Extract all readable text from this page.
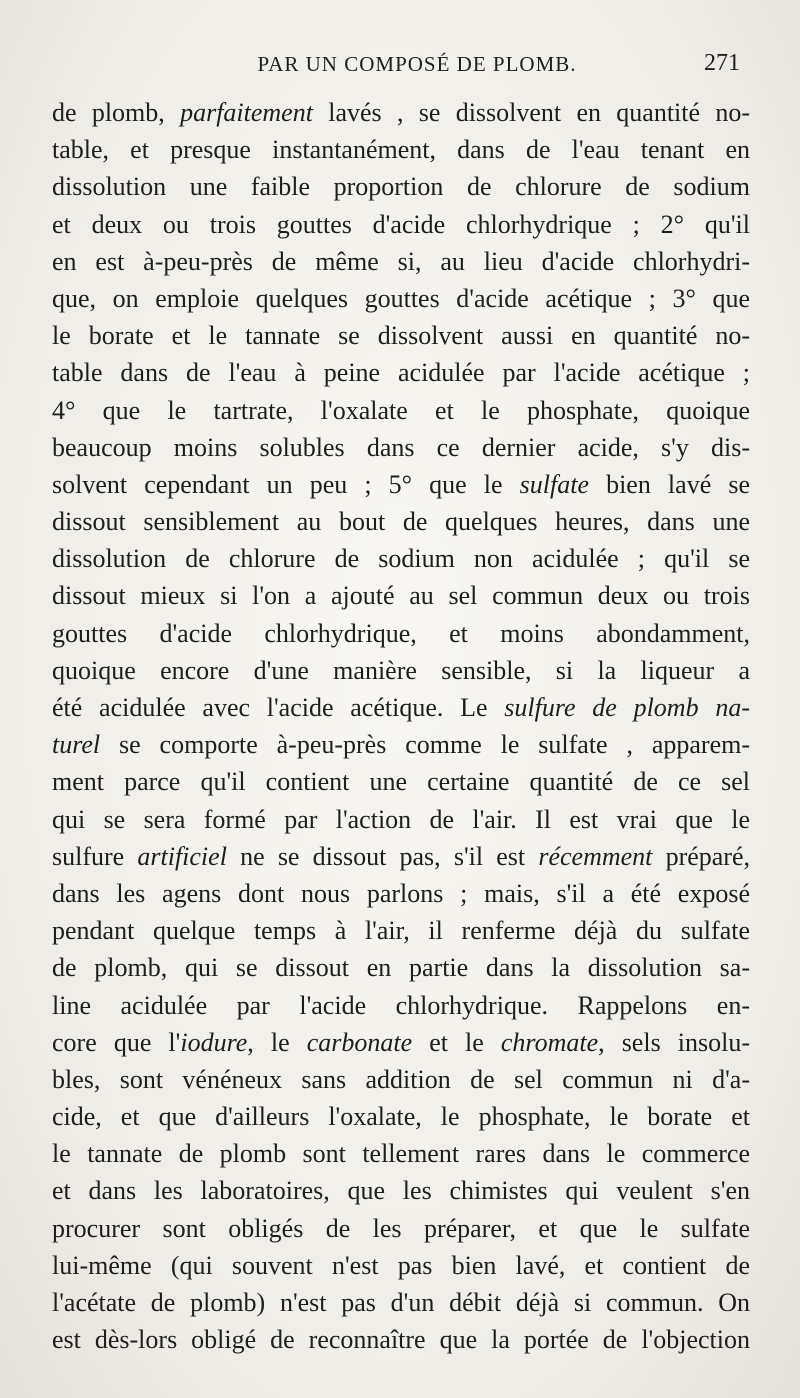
PAR UN COMPOSÉ DE PLOMB.	271
de plomb, parfaitement lavés , se dissolvent en quantité no-
table, et presque instantanément, dans de l'eau tenant en
dissolution une faible proportion de chlorure de sodium
et deux ou trois gouttes d'acide chlorhydrique ; 2° qu'il
en est à-peu-près de même si, au lieu d'acide chlorhydri-
que, on emploie quelques gouttes d'acide acétique ; 3° que
le borate et le tannate se dissolvent aussi en quantité no-
table dans de l'eau à peine acidulée par l'acide acétique ;
4° que le tartrate, l'oxalate et le phosphate, quoique
beaucoup moins solubles dans ce dernier acide, s'y dis-
solvent cependant un peu ; 5° que le sulfate bien lavé se
dissout sensiblement au bout de quelques heures, dans une
dissolution de chlorure de sodium non acidulée ; qu'il se
dissout mieux si l'on a ajouté au sel commun deux ou trois
gouttes d'acide chlorhydrique, et moins abondamment,
quoique encore d'une manière sensible, si la liqueur a
été acidulée avec l'acide acétique. Le sulfure de plomb na-
turel se comporte à-peu-près comme le sulfate , apparem-
ment parce qu'il contient une certaine quantité de ce sel
qui se sera formé par l'action de l'air. Il est vrai que le
sulfure artificiel ne se dissout pas, s'il est récemment préparé,
dans les agens dont nous parlons ; mais, s'il a été exposé
pendant quelque temps à l'air, il renferme déjà du sulfate
de plomb, qui se dissout en partie dans la dissolution sa-
line acidulée par l'acide chlorhydrique. Rappelons en-
core que l'iodure, le carbonate et le chromate, sels insolu-
bles, sont vénéneux sans addition de sel commun ni d'a-
cide, et que d'ailleurs l'oxalate, le phosphate, le borate et
le tannate de plomb sont tellement rares dans le commerce
et dans les laboratoires, que les chimistes qui veulent s'en
procurer sont obligés de les préparer, et que le sulfate
lui-même (qui souvent n'est pas bien lavé, et contient de
l'acétate de plomb) n'est pas d'un débit déjà si commun. On
est dès-lors obligé de reconnaître que la portée de l'objection
